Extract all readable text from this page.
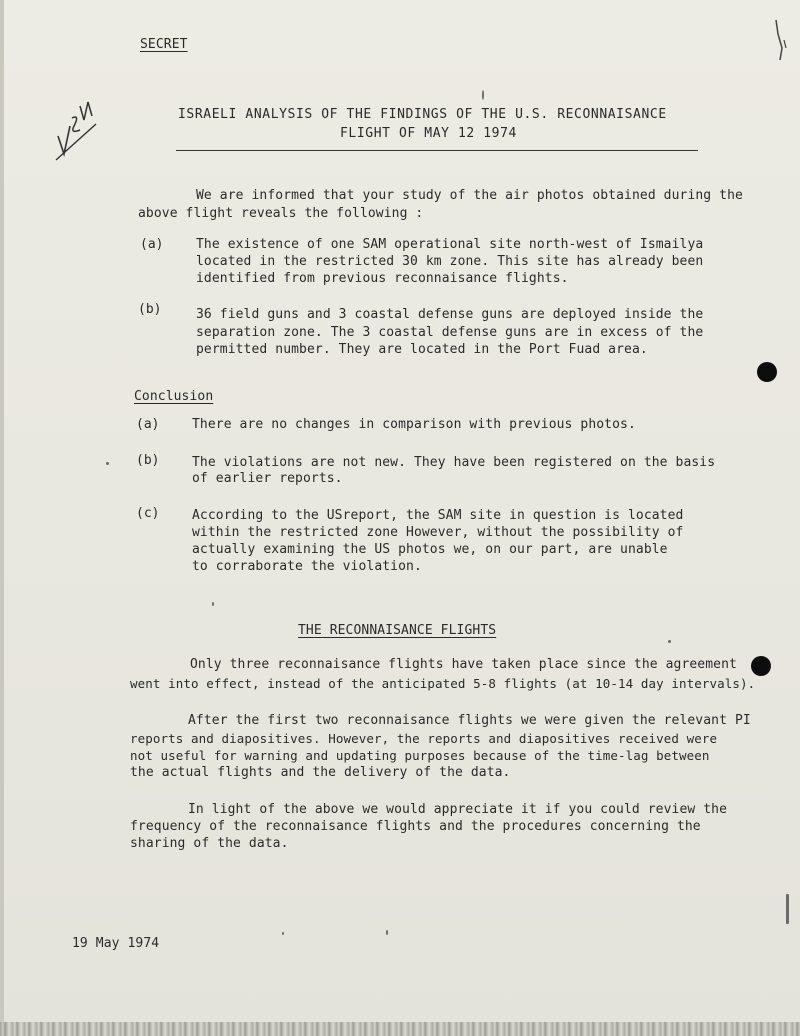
SECRET
ISRAELI ANALYSIS OF THE FINDINGS OF THE U.S. RECONNAISANCE
FLIGHT OF MAY 12 1974
We are informed that your study of the air photos obtained during the
above flight reveals the following :
(a)	The existence of one SAM operational site north-west of Ismailya
located in the restricted 30 km zone. This site has already been
identified from previous reconnaisance flights.
(b)	36 field guns and 3 coastal defense guns are deployed inside the
separation zone. The 3 coastal defense guns are in excess of the
permitted number. They are located in the Port Fuad area.
Conclusion
(a)	There are no changes in comparison with previous photos.
(b)	The violations are not new. They have been registered on the basis
of earlier reports.
(c)	According to the USreport, the SAM site in question is located
within the restricted zone However, without the possibility of
actually examining the US photos we, on our part, are unable
to corraborate the violation.
THE RECONNAISANCE FLIGHTS
Only three reconnaisance flights have taken place since the agreement
went into effect, instead of the anticipated 5-8 flights (at 10-14 day intervals).
After the first two reconnaisance flights we were given the relevant PI
reports and diapositives. However, the reports and diapositives received were
not useful for warning and updating purposes because of the time-lag between
the actual flights and the delivery of the data.
In light of the above we would appreciate it if you could review the
frequency of the reconnaisance flights and the procedures concerning the
sharing of the data.
19 May 1974
